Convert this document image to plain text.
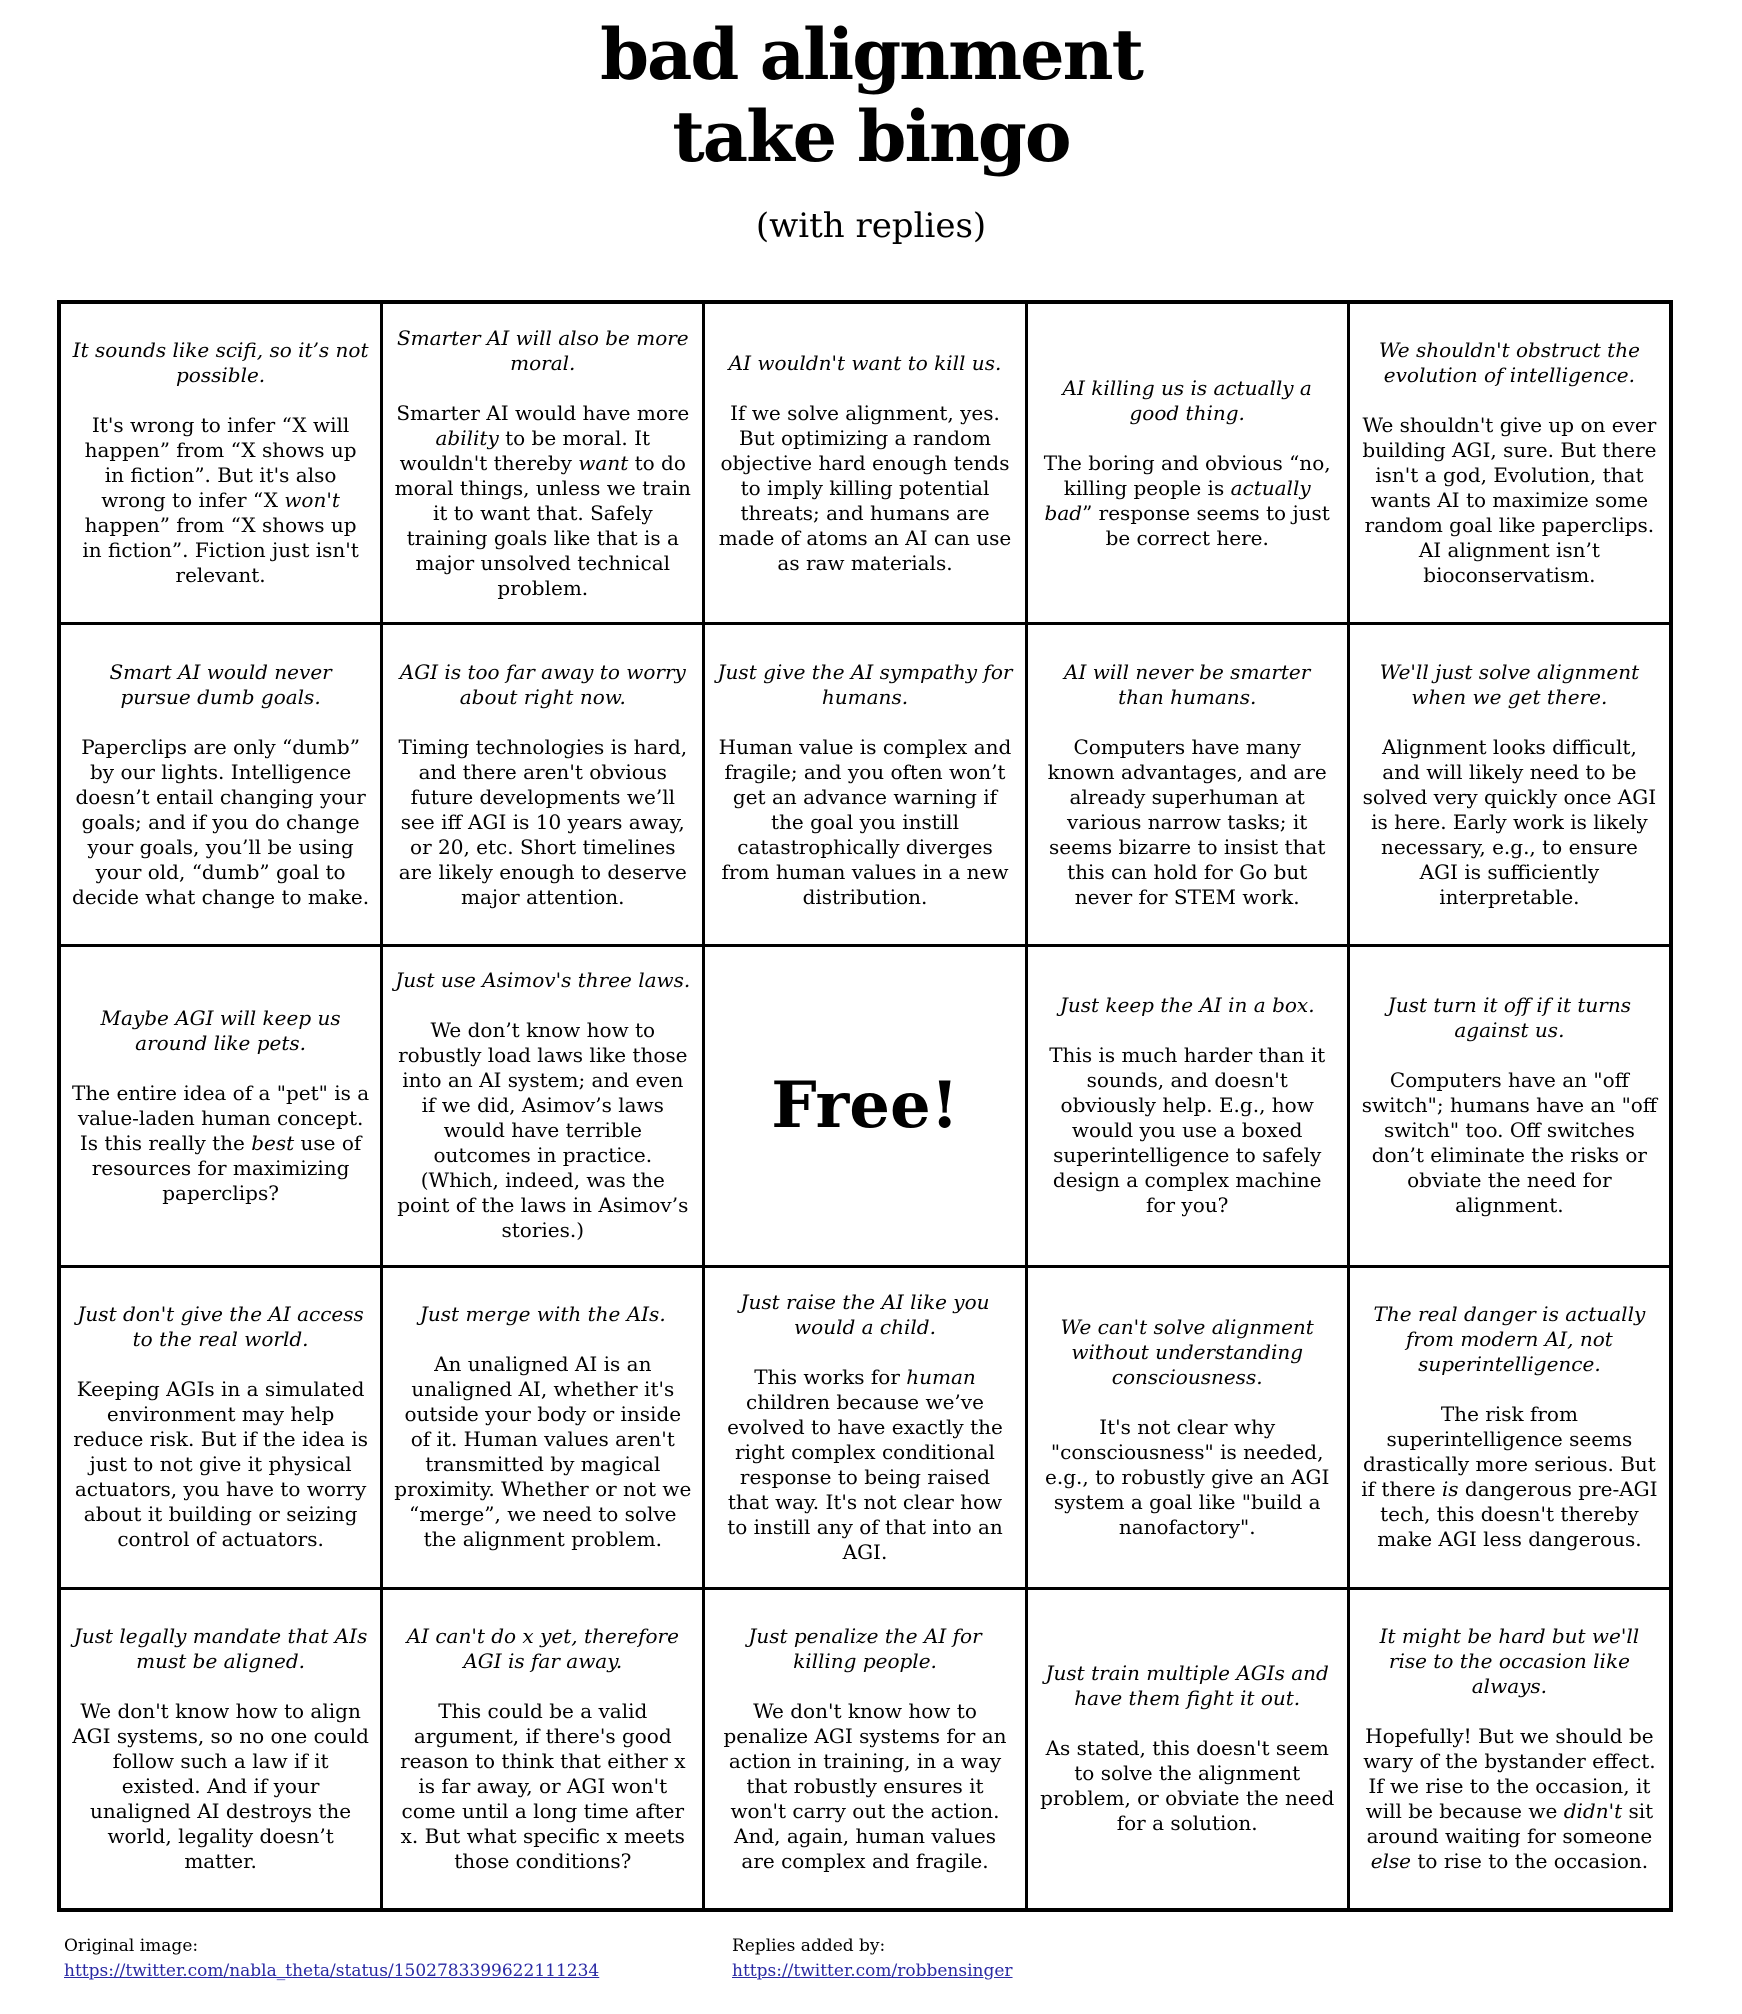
bad alignment
take bingo
(with replies)
It sounds like scifi, so it’s not possible.
It's wrong to infer “X will happen” from “X shows up in fiction”. But it's also wrong to infer “X won't happen” from “X shows up in fiction”. Fiction just isn't relevant.
Smarter AI will also be more moral.
Smarter AI would have more ability to be moral. It wouldn't thereby want to do moral things, unless we train it to want that. Safely training goals like that is a major unsolved technical problem.
AI wouldn't want to kill us.
If we solve alignment, yes. But optimizing a random objective hard enough tends to imply killing potential threats; and humans are made of atoms an AI can use as raw materials.
AI killing us is actually a good thing.
The boring and obvious “no, killing people is actually bad” response seems to just be correct here.
We shouldn't obstruct the evolution of intelligence.
We shouldn't give up on ever building AGI, sure. But there isn't a god, Evolution, that wants AI to maximize some random goal like paperclips. AI alignment isn’t bioconservatism.
Smart AI would never pursue dumb goals.
Paperclips are only “dumb” by our lights. Intelligence doesn’t entail changing your goals; and if you do change your goals, you’ll be using your old, “dumb” goal to decide what change to make.
AGI is too far away to worry about right now.
Timing technologies is hard, and there aren't obvious future developments we’ll see iff AGI is 10 years away, or 20, etc. Short timelines are likely enough to deserve major attention.
Just give the AI sympathy for humans.
Human value is complex and fragile; and you often won’t get an advance warning if the goal you instill catastrophically diverges from human values in a new distribution.
AI will never be smarter than humans.
Computers have many known advantages, and are already superhuman at various narrow tasks; it seems bizarre to insist that this can hold for Go but never for STEM work.
We'll just solve alignment when we get there.
Alignment looks difficult, and will likely need to be solved very quickly once AGI is here. Early work is likely necessary, e.g., to ensure AGI is sufficiently interpretable.
Maybe AGI will keep us around like pets.
The entire idea of a "pet" is a value-laden human concept. Is this really the best use of resources for maximizing paperclips?
Just use Asimov's three laws.
We don’t know how to robustly load laws like those into an AI system; and even if we did, Asimov’s laws would have terrible outcomes in practice. (Which, indeed, was the point of the laws in Asimov’s stories.)
Free!
Just keep the AI in a box.
This is much harder than it sounds, and doesn't obviously help. E.g., how would you use a boxed superintelligence to safely design a complex machine for you?
Just turn it off if it turns against us.
Computers have an "off switch"; humans have an "off switch" too. Off switches don’t eliminate the risks or obviate the need for alignment.
Just don't give the AI access to the real world.
Keeping AGIs in a simulated environment may help reduce risk. But if the idea is just to not give it physical actuators, you have to worry about it building or seizing control of actuators.
Just merge with the AIs.
An unaligned AI is an unaligned AI, whether it's outside your body or inside of it. Human values aren't transmitted by magical proximity. Whether or not we “merge”, we need to solve the alignment problem.
Just raise the AI like you would a child.
This works for human children because we’ve evolved to have exactly the right complex conditional response to being raised that way. It's not clear how to instill any of that into an AGI.
We can't solve alignment without understanding consciousness.
It's not clear why "consciousness" is needed, e.g., to robustly give an AGI system a goal like "build a nanofactory".
The real danger is actually from modern AI, not superintelligence.
The risk from superintelligence seems drastically more serious. But if there is dangerous pre-AGI tech, this doesn't thereby make AGI less dangerous.
Just legally mandate that AIs must be aligned.
We don't know how to align AGI systems, so no one could follow such a law if it existed. And if your unaligned AI destroys the world, legality doesn’t matter.
AI can't do x yet, therefore AGI is far away.
This could be a valid argument, if there's good reason to think that either x is far away, or AGI won't come until a long time after x. But what specific x meets those conditions?
Just penalize the AI for killing people.
We don't know how to penalize AGI systems for an action in training, in a way that robustly ensures it won't carry out the action. And, again, human values are complex and fragile.
Just train multiple AGIs and have them fight it out.
As stated, this doesn't seem to solve the alignment problem, or obviate the need for a solution.
It might be hard but we'll rise to the occasion like always.
Hopefully! But we should be wary of the bystander effect. If we rise to the occasion, it will be because we didn't sit around waiting for someone else to rise to the occasion.
Original image:
https://twitter.com/nabla_theta/status/1502783399622111234
Replies added by:
https://twitter.com/robbensinger
